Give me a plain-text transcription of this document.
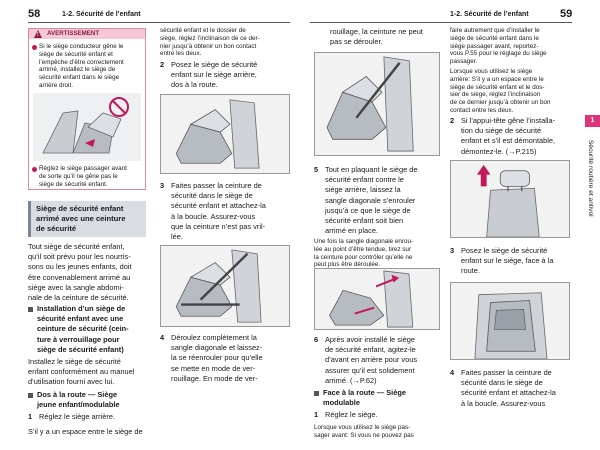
58	1-2. Sécurité de l’enfant	1-2. Sécurité de l’enfant	59
1
Sécurité routière et antivol
! AVERTISSEMENT
Si le siège conducteur gêne le
siège de sécurité enfant et
l’empêche d’être correctement
arrimé, installez le siège de
sécurité enfant dans le siège
arrière droit.
Réglez le siège passager avant
de sorte qu’il ne gêne pas le
siège de sécurité enfant.
Siège de sécurité enfant
arrimé avec une ceinture
de sécurité
Tout siège de sécurité enfant,
qu’il soit prévu pour les nourris-
sons ou les jeunes enfants, doit
être convenablement arrimé au
siège avec la sangle abdomi-
nale de la ceinture de sécurité.
Installation d’un siège de
sécurité enfant avec une
ceinture de sécurité (cein-
ture à verrouillage pour
siège de sécurité enfant)
Installez le siège de sécurité
enfant conformément au manuel
d’utilisation fourni avec lui.
Dos à la route — Siège
jeune enfant/modulable
1 Réglez le siège arrière.
S’il y a un espace entre le siège de
sécurité enfant et le dossier de
siège, réglez l’inclinaison de ce der-
nier jusqu’à obtenir un bon contact
entre les deux.
2 Posez le siège de sécurité
enfant sur le siège arrière,
dos à la route.
3 Faites passer la ceinture de
sécurité dans le siège de
sécurité enfant et attachez-la
à la boucle. Assurez-vous
que la ceinture n’est pas vril-
lée.
4 Déroulez complètement la
sangle diagonale et laissez-
la se réenrouler pour qu’elle
se mette en mode de ver-
rouillage. En mode de ver-
rouillage, la ceinture ne peut
pas se dérouler.
5 Tout en plaquant le siège de
sécurité enfant contre le
siège arrière, laissez la
sangle diagonale s’enrouler
jusqu’à ce que le siège de
sécurité enfant soit bien
arrimé en place.
Une fois la sangle diagonale enrou-
lée au point d’être tendue, tirez sur
la ceinture pour contrôler qu’elle ne
peut plus être déroulée.
6 Après avoir installé le siège
de sécurité enfant, agitez-le
d’avant en arrière pour vous
assurer qu’il est solidement
arrimé. (→P.62)
Face à la route — Siège
modulable
1 Réglez le siège.
Lorsque vous utilisez le siège pas-
sager avant: Si vous ne pouvez pas
faire autrement que d’installer le
siège de sécurité enfant dans le
siège passager avant, reportez-
vous P.55 pour le réglage du siège
passager.
Lorsque vous utilisez le siège
arrière: S’il y a un espace entre le
siège de sécurité enfant et le dos-
sier de siège, réglez l’inclinaison
de ce dernier jusqu’à obtenir un bon
contact entre les deux.
2 Si l’appui-tête gêne l’installa-
tion du siège de sécurité
enfant et s’il est démontable,
démontez-le. (→P.215)
3 Posez le siège de sécurité
enfant sur le siège, face à la
route.
4 Faites passer la ceinture de
sécurité dans le siège de
sécurité enfant et attachez-la
à la boucle. Assurez-vous
